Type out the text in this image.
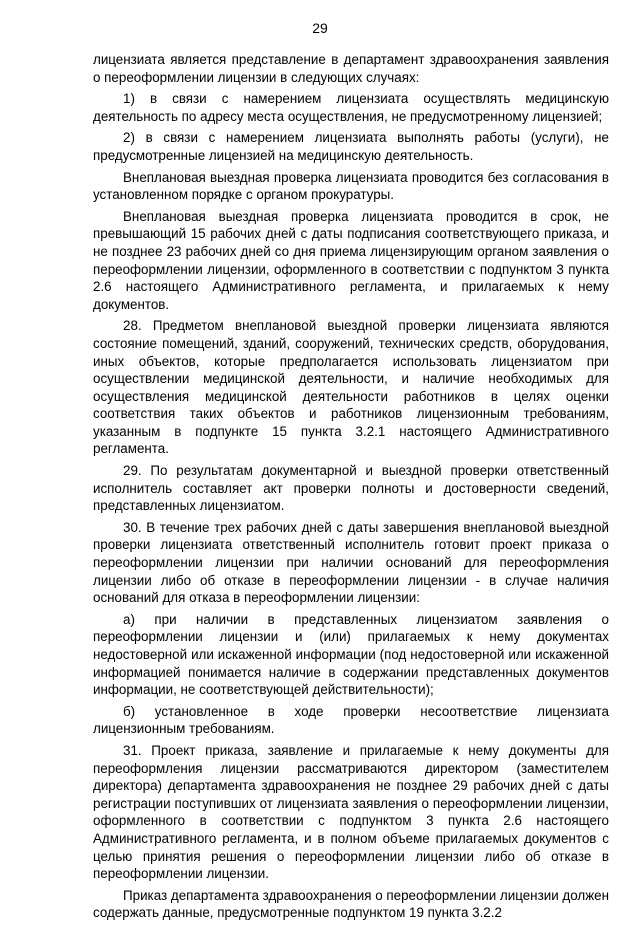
29

лицензиата является представление в департамент здравоохранения заявления о переоформлении лицензии в следующих случаях:

1) в связи с намерением лицензиата осуществлять медицинскую деятельность по адресу места осуществления, не предусмотренному лицензией;

2) в связи с намерением лицензиата выполнять работы (услуги), не предусмотренные лицензией на медицинскую деятельность.

Внеплановая выездная проверка лицензиата проводится без согласования в установленном порядке с органом прокуратуры.

Внеплановая выездная проверка лицензиата проводится в срок, не превышающий 15 рабочих дней с даты подписания соответствующего приказа, и не позднее 23 рабочих дней со дня приема лицензирующим органом заявления о переоформлении лицензии, оформленного в соответствии с подпунктом 3 пункта 2.6 настоящего Административного регламента, и прилагаемых к нему документов.

28. Предметом внеплановой выездной проверки лицензиата являются состояние помещений, зданий, сооружений, технических средств, оборудования, иных объектов, которые предполагается использовать лицензиатом при осуществлении медицинской деятельности, и наличие необходимых для осуществления медицинской деятельности работников в целях оценки соответствия таких объектов и работников лицензионным требованиям, указанным в подпункте 15 пункта 3.2.1 настоящего Административного регламента.

29. По результатам документарной и выездной проверки ответственный исполнитель составляет акт проверки полноты и достоверности сведений, представленных лицензиатом.

30. В течение трех рабочих дней с даты завершения внеплановой выездной проверки лицензиата ответственный исполнитель готовит проект приказа о переоформлении лицензии при наличии оснований для переоформления лицензии либо об отказе в переоформлении лицензии - в случае наличия оснований для отказа в переоформлении лицензии:

а) при наличии в представленных лицензиатом заявления о переоформлении лицензии и (или) прилагаемых к нему документах недостоверной или искаженной информации (под недостоверной или искаженной информацией понимается наличие в содержании представленных документов информации, не соответствующей действительности);

б) установленное в ходе проверки несоответствие лицензиата лицензионным требованиям.

31. Проект приказа, заявление и прилагаемые к нему документы для переоформления лицензии рассматриваются директором (заместителем директора) департамента здравоохранения не позднее 29 рабочих дней с даты регистрации поступивших от лицензиата заявления о переоформлении лицензии, оформленного в соответствии с подпунктом 3 пункта 2.6 настоящего Административного регламента, и в полном объеме прилагаемых документов с целью принятия решения о переоформлении лицензии либо об отказе в переоформлении лицензии.

Приказ департамента здравоохранения о переоформлении лицензии должен содержать данные, предусмотренные подпунктом 19 пункта 3.2.2
